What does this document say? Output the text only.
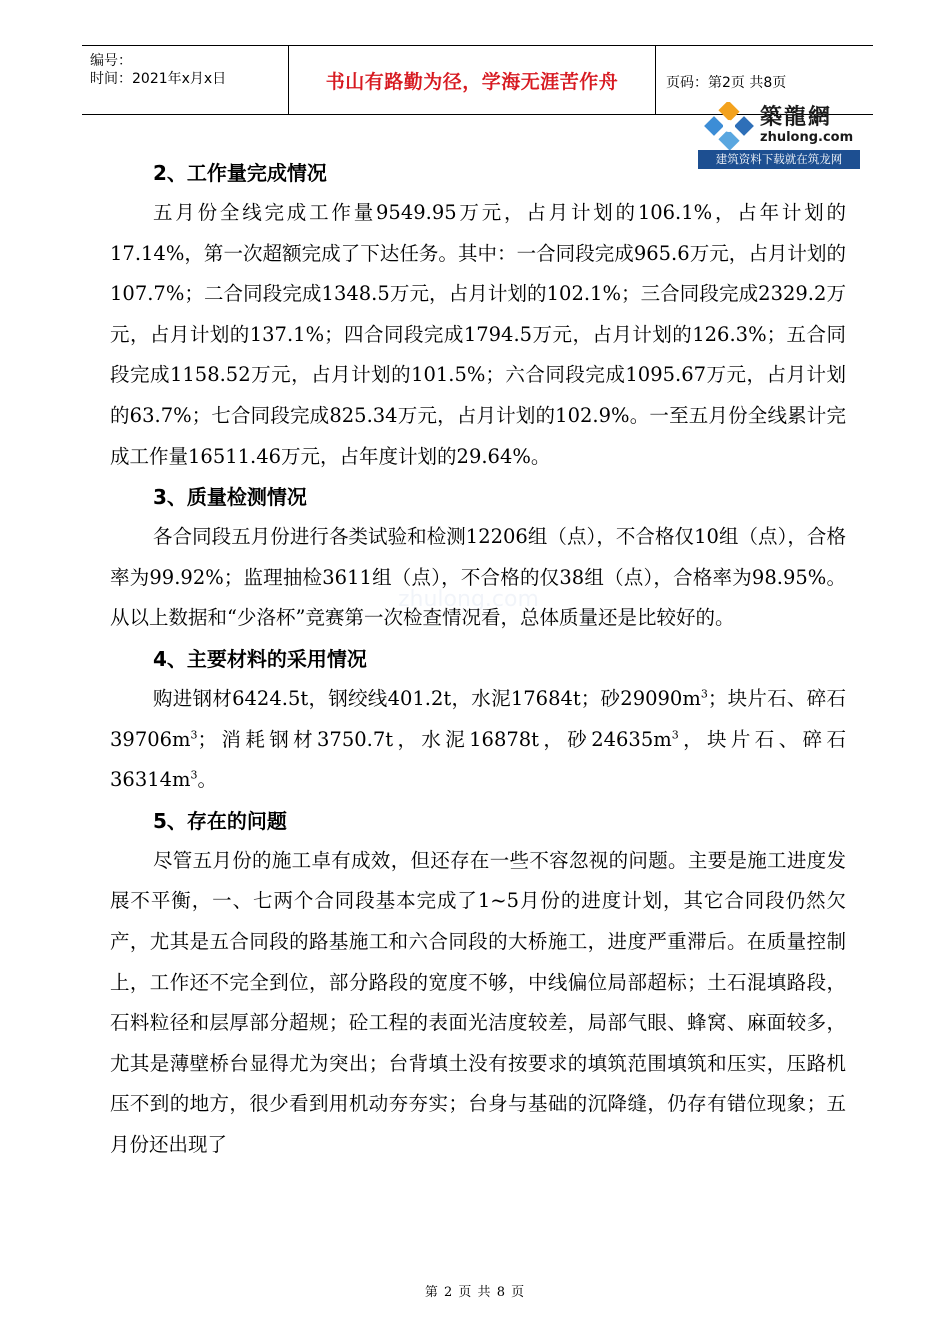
编号：
时间：2021年x月x日	书山有路勤为径，学海无涯苦作舟	页码：第2页 共8页
築龍網
zhulong.com
建筑资料下载就在筑龙网
zhulong.com
2、工作量完成情况

五月份全线完成工作量9549.95万元，占月计划的106.1%，占年计划的17.14%，第一次超额完成了下达任务。其中：一合同段完成965.6万元，占月计划的107.7%；二合同段完成1348.5万元，占月计划的102.1%；三合同段完成2329.2万元，占月计划的137.1%；四合同段完成1794.5万元，占月计划的126.3%；五合同段完成1158.52万元，占月计划的101.5%；六合同段完成1095.67万元，占月计划的63.7%；七合同段完成825.34万元，占月计划的102.9%。一至五月份全线累计完成工作量16511.46万元，占年度计划的29.64%。

3、质量检测情况

各合同段五月份进行各类试验和检测12206组（点），不合格仅10组（点），合格率为99.92%；监理抽检3611组（点），不合格的仅38组（点），合格率为98.95%。从以上数据和“少洛杯”竞赛第一次检查情况看，总体质量还是比较好的。

4、主要材料的采用情况

购进钢材6424.5t，钢绞线401.2t，水泥17684t；砂$29090m^3$；块片石、碎石$39706m^3$；消耗钢材3750.7t，水泥16878t，砂$24635m^3$，块片石、碎石$36314m^3$。

5、存在的问题

尽管五月份的施工卓有成效，但还存在一些不容忽视的问题。主要是施工进度发展不平衡，一、七两个合同段基本完成了1~5月份的进度计划，其它合同段仍然欠产，尤其是五合同段的路基施工和六合同段的大桥施工，进度严重滞后。在质量控制上，工作还不完全到位，部分路段的宽度不够，中线偏位局部超标；土石混填路段，石料粒径和层厚部分超规；砼工程的表面光洁度较差，局部气眼、蜂窝、麻面较多，尤其是薄壁桥台显得尤为突出；台背填土没有按要求的填筑范围填筑和压实，压路机压不到的地方，很少看到用机动夯夯实；台身与基础的沉降缝，仍存有错位现象；五月份还出现了

第 2 页 共 8 页
